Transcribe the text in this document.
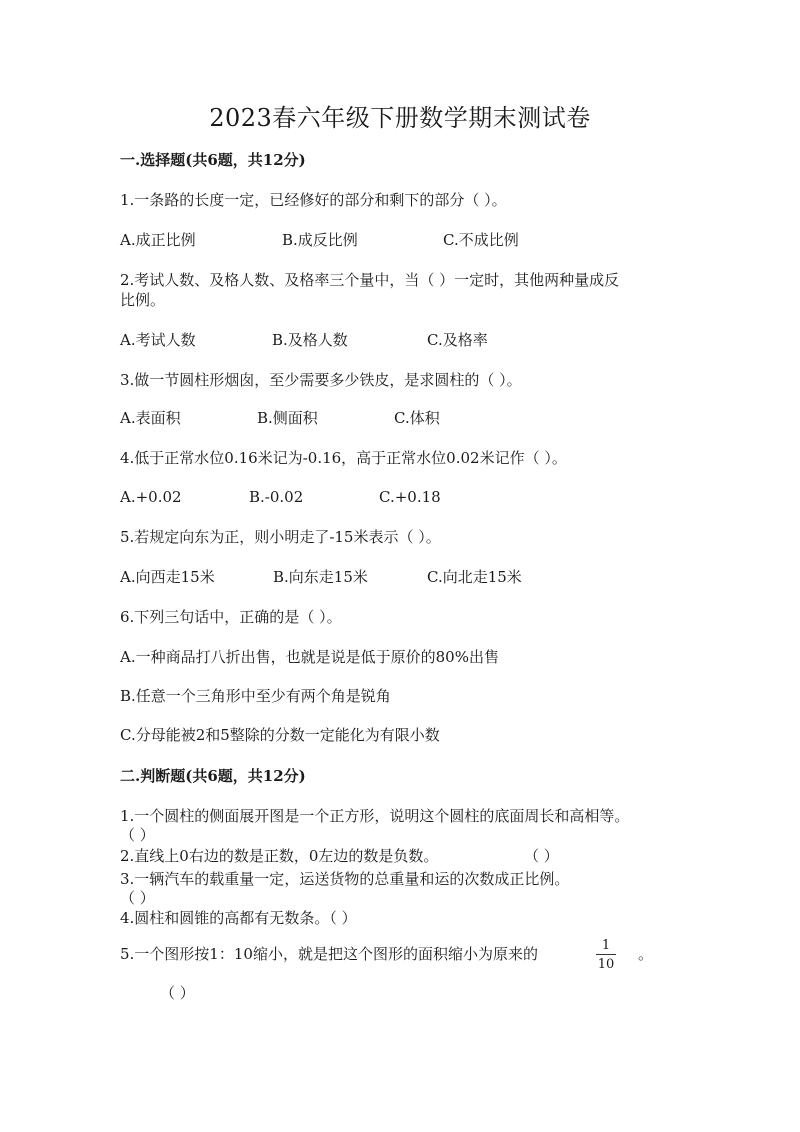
2023春六年级下册数学期末测试卷

一.选择题(共6题，共12分)

1.一条路的长度一定，已经修好的部分和剩下的部分（ ）。

A.成正比例	B.成反比例	C.不成比例

2.考试人数、及格人数、及格率三个量中，当（ ）一定时，其他两种量成反

比例。

A.考试人数	B.及格人数	C.及格率

3.做一节圆柱形烟囱，至少需要多少铁皮，是求圆柱的（ ）。

A.表面积	B.侧面积	C.体积

4.低于正常水位0.16米记为-0.16，高于正常水位0.02米记作（ ）。

A.+0.02	B.-0.02	C.+0.18

5.若规定向东为正，则小明走了-15米表示（ ）。

A.向西走15米	B.向东走15米	C.向北走15米

6.下列三句话中，正确的是（ ）。

A.一种商品打八折出售，也就是说是低于原价的80%出售

B.任意一个三角形中至少有两个角是锐角

C.分母能被2和5整除的分数一定能化为有限小数

二.判断题(共6题，共12分)

1.一个圆柱的侧面展开图是一个正方形，说明这个圆柱的底面周长和高相等。

（ ）

2.直线上0右边的数是正数，0左边的数是负数。	（ ）

3.一辆汽车的载重量一定，运送货物的总重量和运的次数成正比例。

（ ）

4.圆柱和圆锥的高都有无数条。（ ）

5.一个图形按1：10缩小，就是把这个图形的面积缩小为原来的	1
10
。

（ ）
